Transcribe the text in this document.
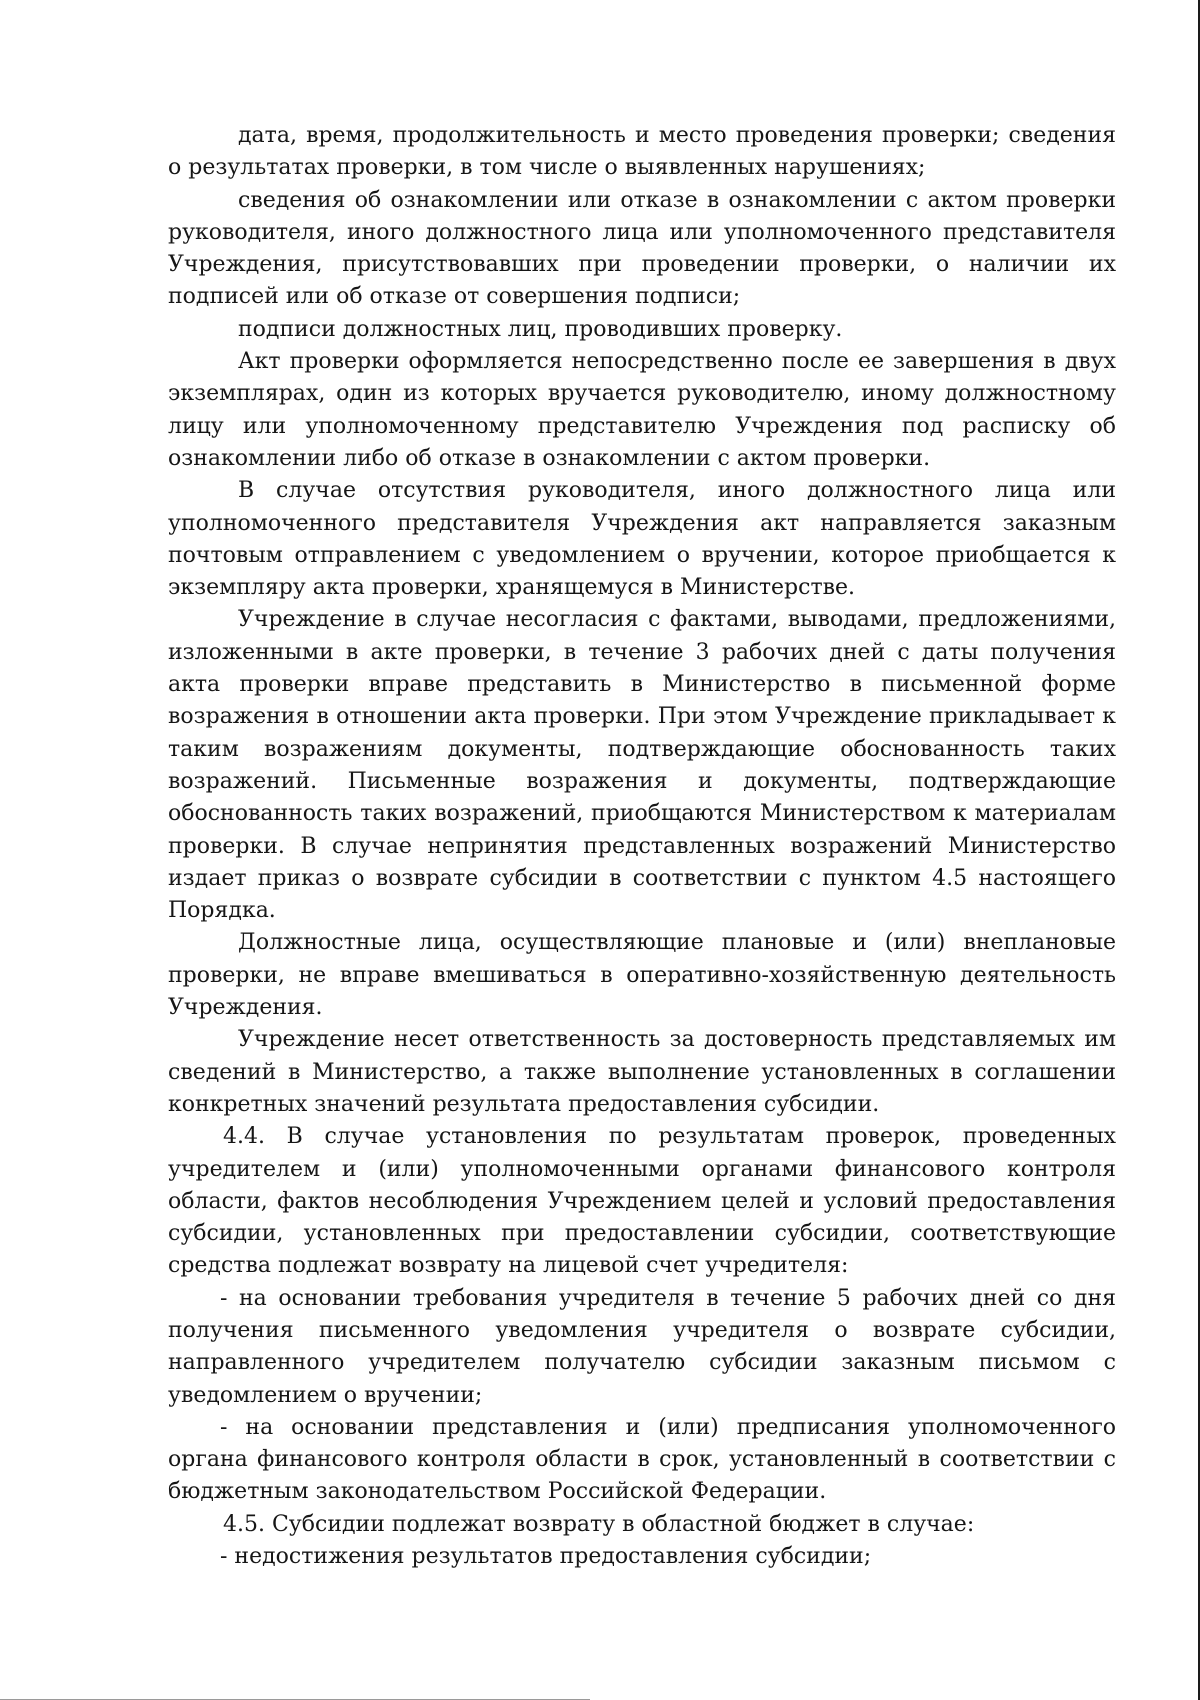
дата, время, продолжительность и место проведения проверки; сведения о результатах проверки, в том числе о выявленных нарушениях;

сведения об ознакомлении или отказе в ознакомлении с актом проверки руководителя, иного должностного лица или уполномоченного представителя Учреждения, присутствовавших при проведении проверки, о наличии их подписей или об отказе от совершения подписи;

подписи должностных лиц, проводивших проверку.

Акт проверки оформляется непосредственно после ее завершения в двух экземплярах, один из которых вручается руководителю, иному должностному лицу или уполномоченному представителю Учреждения под расписку об ознакомлении либо об отказе в ознакомлении с актом проверки.

В случае отсутствия руководителя, иного должностного лица или уполномоченного представителя Учреждения акт направляется заказным почтовым отправлением с уведомлением о вручении, которое приобщается к экземпляру акта проверки, хранящемуся в Министерстве.

Учреждение в случае несогласия с фактами, выводами, предложениями, изложенными в акте проверки, в течение 3 рабочих дней с даты получения акта проверки вправе представить в Министерство в письменной форме возражения в отношении акта проверки. При этом Учреждение прикладывает к таким возражениям документы, подтверждающие обоснованность таких возражений. Письменные возражения и документы, подтверждающие обоснованность таких возражений, приобщаются Министерством к материалам проверки. В случае непринятия представленных возражений Министерство издает приказ о возврате субсидии в соответствии с пунктом 4.5 настоящего Порядка.

Должностные лица, осуществляющие плановые и (или) внеплановые проверки, не вправе вмешиваться в оперативно-хозяйственную деятельность Учреждения.

Учреждение несет ответственность за достоверность представляемых им сведений в Министерство, а также выполнение установленных в соглашении конкретных значений результата предоставления субсидии.

4.4. В случае установления по результатам проверок, проведенных учредителем и (или) уполномоченными органами финансового контроля области, фактов несоблюдения Учреждением целей и условий предоставления субсидии, установленных при предоставлении субсидии, соответствующие средства подлежат возврату на лицевой счет учредителя:

- на основании требования учредителя в течение 5 рабочих дней со дня получения письменного уведомления учредителя о возврате субсидии, направленного учредителем получателю субсидии заказным письмом с уведомлением о вручении;

- на основании представления и (или) предписания уполномоченного органа финансового контроля области в срок, установленный в соответствии с бюджетным законодательством Российской Федерации.

4.5. Субсидии подлежат возврату в областной бюджет в случае:

- недостижения результатов предоставления субсидии;
